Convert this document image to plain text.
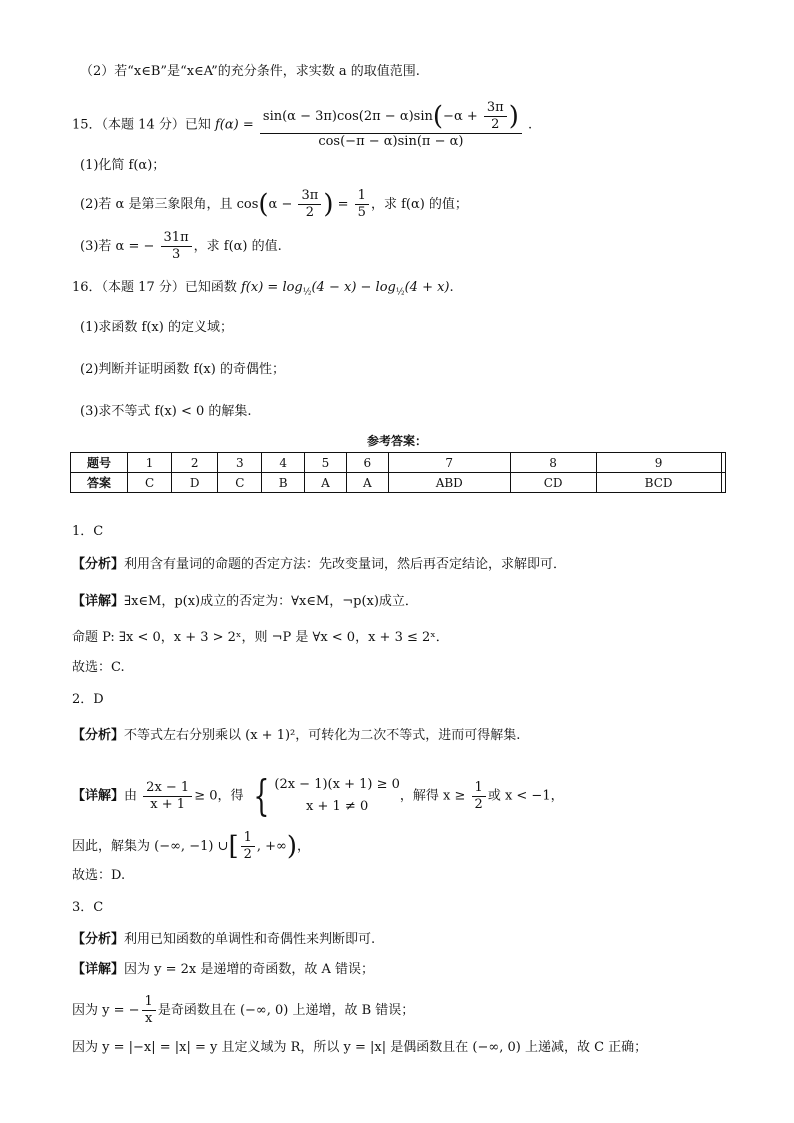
（2）若“x∈B”是“x∈A”的充分条件，求实数 a 的取值范围.
15．（本题 14 分）已知 $f(\alpha) = \frac{\sin(\alpha - 3\pi)\cos(2\pi - \alpha)\sin(-\alpha + \frac{3\pi}{2} )}{\cos(-\pi - \alpha)\sin(\pi - \alpha)}$ .
(1)化简 f(α)；
(2)若 α 是第三象限角，且 $\cos(\alpha - \frac{3\pi}{2}$ ) = $\frac{1}{5}$ ，求 f(α) 的值；
(3)若 α = − $\frac{31\pi}{3}$ ，求 f(α) 的值.
16．（本题 17 分）已知函数 $f(x) = \log_{\frac{1}{2}}(4 - x) - \log_{\frac{1}{2}}(4 + x)$.
(1)求函数 f(x) 的定义域；
(2)判断并证明函数 f(x) 的奇偶性；
(3)求不等式 f(x) < 0 的解集.
参考答案：
题号	1	2	3	4	5	6	7	8	9	
答案	C	D	C	B	A	A	ABD	CD	BCD	
1．C
【分析】利用含有量词的命题的否定方法：先改变量词，然后再否定结论，求解即可．
【详解】∃x∈M，p(x)成立的否定为：∀x∈M，¬p(x)成立．
命题 P: ∃x < 0，x + 3 > 2ˣ，则 ¬P 是 ∀x < 0，x + 3 ≤ 2ˣ．
故选：C.
2．D
【分析】不等式左右分别乘以 (x + 1)²，可转化为二次不等式，进而可得解集.
【详解】由 $\frac{2x - 1}{x + 1} \ge 0$，得 { (2x − 1)(x + 1) ≥ 0
x + 1 ≠ 0
，解得 $x \ge \frac{1}{2}$ 或 x < −1，
因此，解集为 (−∞, −1) ∪[ $\frac{1}{2}$ , +∞)，
故选：D.
3．C
【分析】利用已知函数的单调性和奇偶性来判断即可.
【详解】因为 y = 2x 是递增的奇函数，故 A 错误；
因为 y = − $\frac{1}{x}$ 是奇函数且在 (−∞, 0) 上递增，故 B 错误；
因为 y = |−x| = |x| = y 且定义域为 R，所以 y = |x| 是偶函数且在 (−∞, 0) 上递减，故 C 正确；
